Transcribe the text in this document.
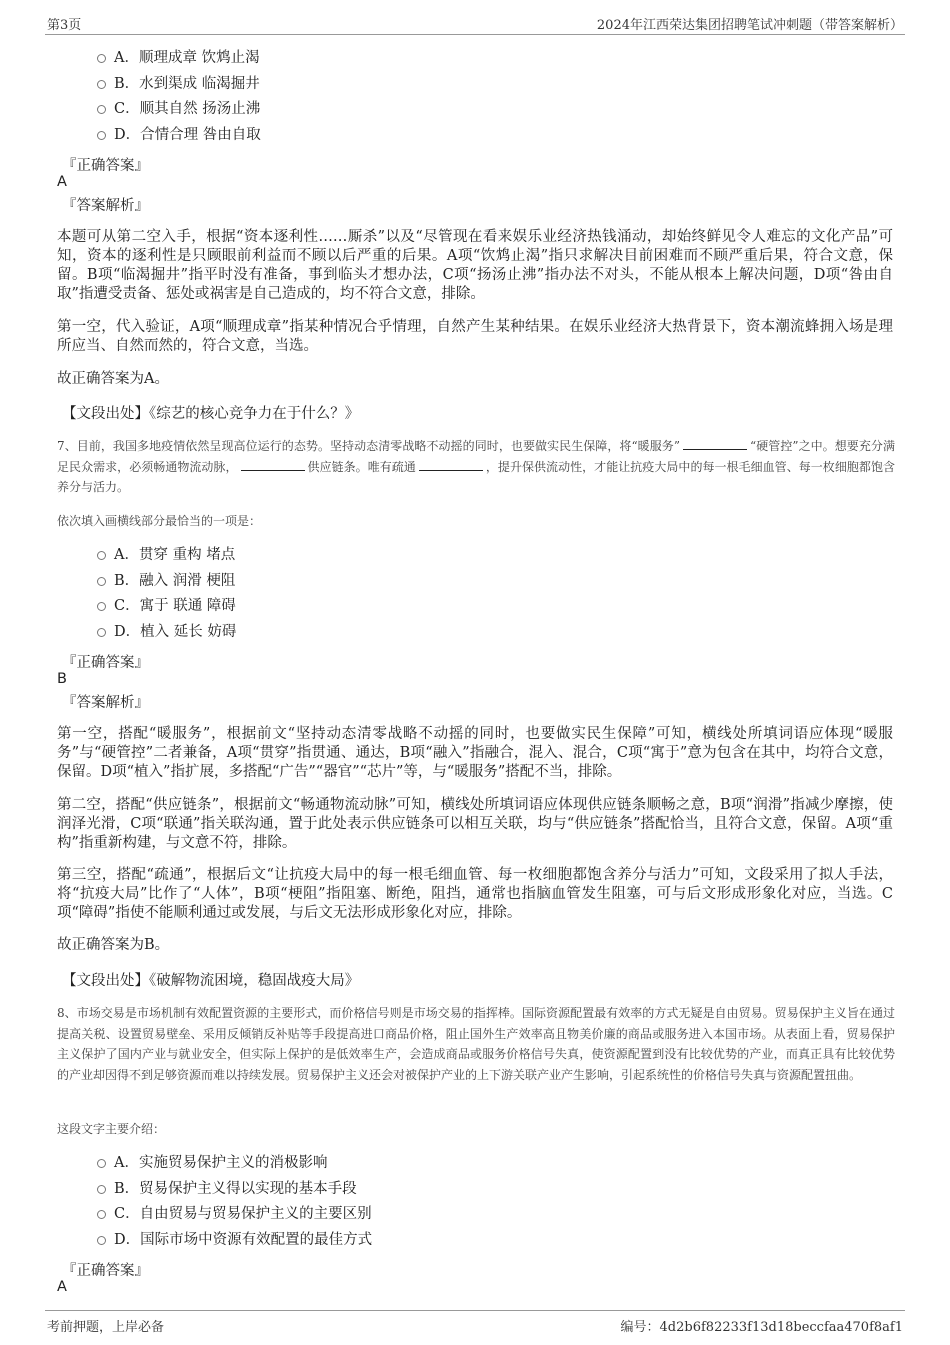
第3页	2024年江西荣达集团招聘笔试冲刺题（带答案解析）
A．顺理成章 饮鸩止渴
B．水到渠成 临渴掘井
C．顺其自然 扬汤止沸
D．合情合理 咎由自取
『正确答案』
A
『答案解析』
本题可从第二空入手，根据“资本逐利性……厮杀”以及“尽管现在看来娱乐业经济热钱涌动，却始终鲜见令人难忘的文化产品”可知，资本的逐利性是只顾眼前利益而不顾以后严重的后果。A项“饮鸩止渴”指只求解决目前困难而不顾严重后果，符合文意，保留。B项“临渴掘井”指平时没有准备，事到临头才想办法，C项“扬汤止沸”指办法不对头，不能从根本上解决问题，D项“咎由自取”指遭受责备、惩处或祸害是自己造成的，均不符合文意，排除。
第一空，代入验证，A项“顺理成章”指某种情况合乎情理，自然产生某种结果。在娱乐业经济大热背景下，资本潮流蜂拥入场是理所应当、自然而然的，符合文意，当选。
故正确答案为A。
【文段出处】《综艺的核心竞争力在于什么？》
7、目前，我国多地疫情依然呈现高位运行的态势。坚持动态清零战略不动摇的同时，也要做实民生保障，将“暖服务”	“硬管控”之中。想要充分满足民众需求，必须畅通物流动脉，	供应链条。唯有疏通	，提升保供流动性，才能让抗疫大局中的每一根毛细血管、每一枚细胞都饱含养分与活力。
依次填入画横线部分最恰当的一项是：
A．贯穿 重构 堵点
B．融入 润滑 梗阻
C．寓于 联通 障碍
D．植入 延长 妨碍
『正确答案』
B
『答案解析』
第一空，搭配“暖服务”，根据前文“坚持动态清零战略不动摇的同时，也要做实民生保障”可知，横线处所填词语应体现“暖服务”与“硬管控”二者兼备，A项“贯穿”指贯通、通达，B项“融入”指融合，混入、混合，C项“寓于”意为包含在其中，均符合文意，保留。D项“植入”指扩展，多搭配“广告”“器官”“芯片”等，与“暖服务”搭配不当，排除。
第二空，搭配“供应链条”，根据前文“畅通物流动脉”可知，横线处所填词语应体现供应链条顺畅之意，B项“润滑”指减少摩擦，使润泽光滑，C项“联通”指关联沟通，置于此处表示供应链条可以相互关联，均与“供应链条”搭配恰当，且符合文意，保留。A项“重构”指重新构建，与文意不符，排除。
第三空，搭配“疏通”，根据后文“让抗疫大局中的每一根毛细血管、每一枚细胞都饱含养分与活力”可知，文段采用了拟人手法，将“抗疫大局”比作了“人体”，B项“梗阻”指阻塞、断绝，阻挡，通常也指脑血管发生阻塞，可与后文形成形象化对应，当选。C项“障碍”指使不能顺利通过或发展，与后文无法形成形象化对应，排除。
故正确答案为B。
【文段出处】《破解物流困境，稳固战疫大局》
8、市场交易是市场机制有效配置资源的主要形式，而价格信号则是市场交易的指挥棒。国际资源配置最有效率的方式无疑是自由贸易。贸易保护主义旨在通过提高关税、设置贸易壁垒、采用反倾销反补贴等手段提高进口商品价格，阻止国外生产效率高且物美价廉的商品或服务进入本国市场。从表面上看，贸易保护主义保护了国内产业与就业安全，但实际上保护的是低效率生产，会造成商品或服务价格信号失真，使资源配置到没有比较优势的产业，而真正具有比较优势的产业却因得不到足够资源而难以持续发展。贸易保护主义还会对被保护产业的上下游关联产业产生影响，引起系统性的价格信号失真与资源配置扭曲。
这段文字主要介绍：
A．实施贸易保护主义的消极影响
B．贸易保护主义得以实现的基本手段
C．自由贸易与贸易保护主义的主要区别
D．国际市场中资源有效配置的最佳方式
『正确答案』
A
考前押题，上岸必备	编号：4d2b6f82233f13d18beccfaa470f8af1
